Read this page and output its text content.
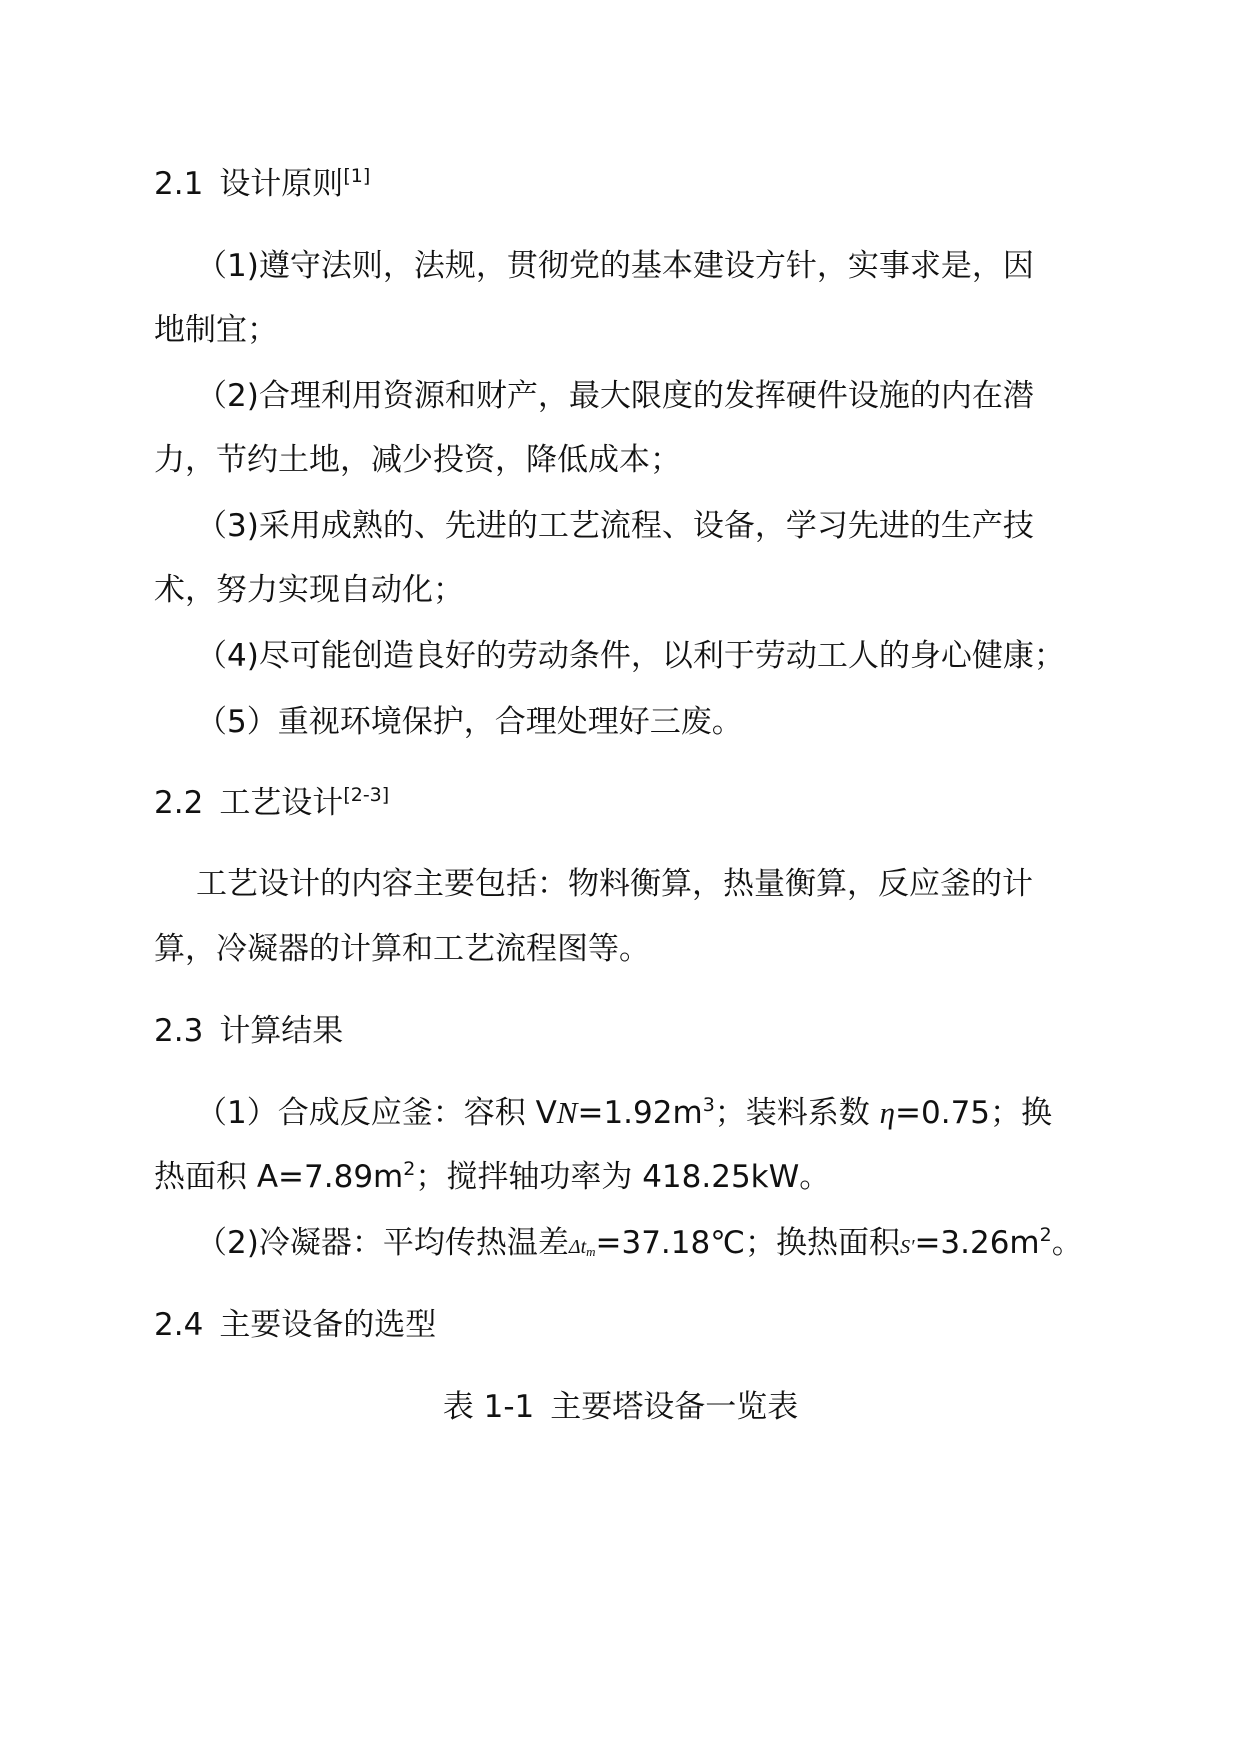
2.1 设计原则[1]
（1)遵守法则，法规，贯彻党的基本建设方针，实事求是，因
地制宜；
（2)合理利用资源和财产，最大限度的发挥硬件设施的内在潜
力，节约土地，减少投资，降低成本；
（3)采用成熟的、先进的工艺流程、设备，学习先进的生产技
术，努力实现自动化；
（4)尽可能创造良好的劳动条件，以利于劳动工人的身心健康；
（5）重视环境保护，合理处理好三废。
2.2 工艺设计[2-3]
工艺设计的内容主要包括：物料衡算，热量衡算，反应釜的计
算，冷凝器的计算和工艺流程图等。
2.3 计算结果
（1）合成反应釜：容积 $VN=1.92m^3$；装料系数 η=0.75；换
热面积 $A=7.89m^2$；搅拌轴功率为 418.25kW。
（2)冷凝器：平均传热温差$\Delta t_m=37.18℃$；换热面积$S'=3.26m^2$。
2.4 主要设备的选型
表 1-1 主要塔设备一览表
